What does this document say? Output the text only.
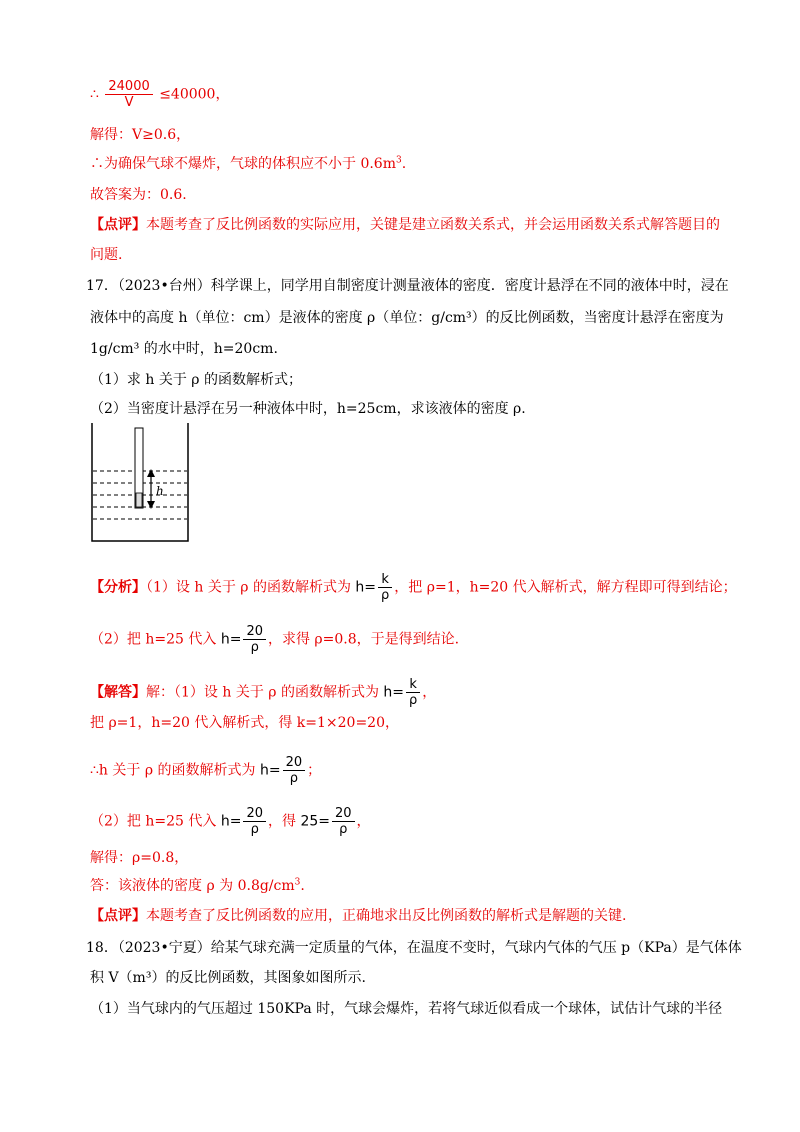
∴ $\frac{24000}{V} \le 40000$，
解得：V≥0.6，
∴为确保气球不爆炸，气球的体积应不小于 $0.6m^3$.
故答案为：0.6.
【点评】本题考查了反比例函数的实际应用，关键是建立函数关系式，并会运用函数关系式解答题目的
问题.
17．（2023•台州）科学课上，同学用自制密度计测量液体的密度．密度计悬浮在不同的液体中时，浸在
液体中的高度 h（单位：cm）是液体的密度 ρ（单位：g/cm³）的反比例函数，当密度计悬浮在密度为
1g/cm³ 的水中时，h=20cm.
（1）求 h 关于 ρ 的函数解析式；
（2）当密度计悬浮在另一种液体中时，h=25cm，求该液体的密度 ρ.
h
【分析】（1）设 h 关于 ρ 的函数解析式为 $h= \frac{k}{\rho}$ ，把 ρ=1，h=20 代入解析式，解方程即可得到结论；
（2）把 h=25 代入 $h= \frac{20}{\rho}$ ，求得 ρ=0.8，于是得到结论.
【解答】解：（1）设 h 关于 ρ 的函数解析式为 $h= \frac{k}{\rho}$ ，
把 ρ=1，h=20 代入解析式，得 k=1×20=20，
∴h 关于 ρ 的函数解析式为 $h= \frac{20}{\rho}$ ；
（2）把 h=25 代入 $h= \frac{20}{\rho}$ ，得 $25= \frac{20}{\rho}$ ，
解得：ρ=0.8，
答：该液体的密度 ρ 为 $0.8g/cm^3$.
【点评】本题考查了反比例函数的应用，正确地求出反比例函数的解析式是解题的关键.
18．（2023•宁夏）给某气球充满一定质量的气体，在温度不变时，气球内气体的气压 p（KPa）是气体体
积 V（m³）的反比例函数，其图象如图所示.
（1）当气球内的气压超过 150KPa 时，气球会爆炸，若将气球近似看成一个球体，试估计气球的半径
